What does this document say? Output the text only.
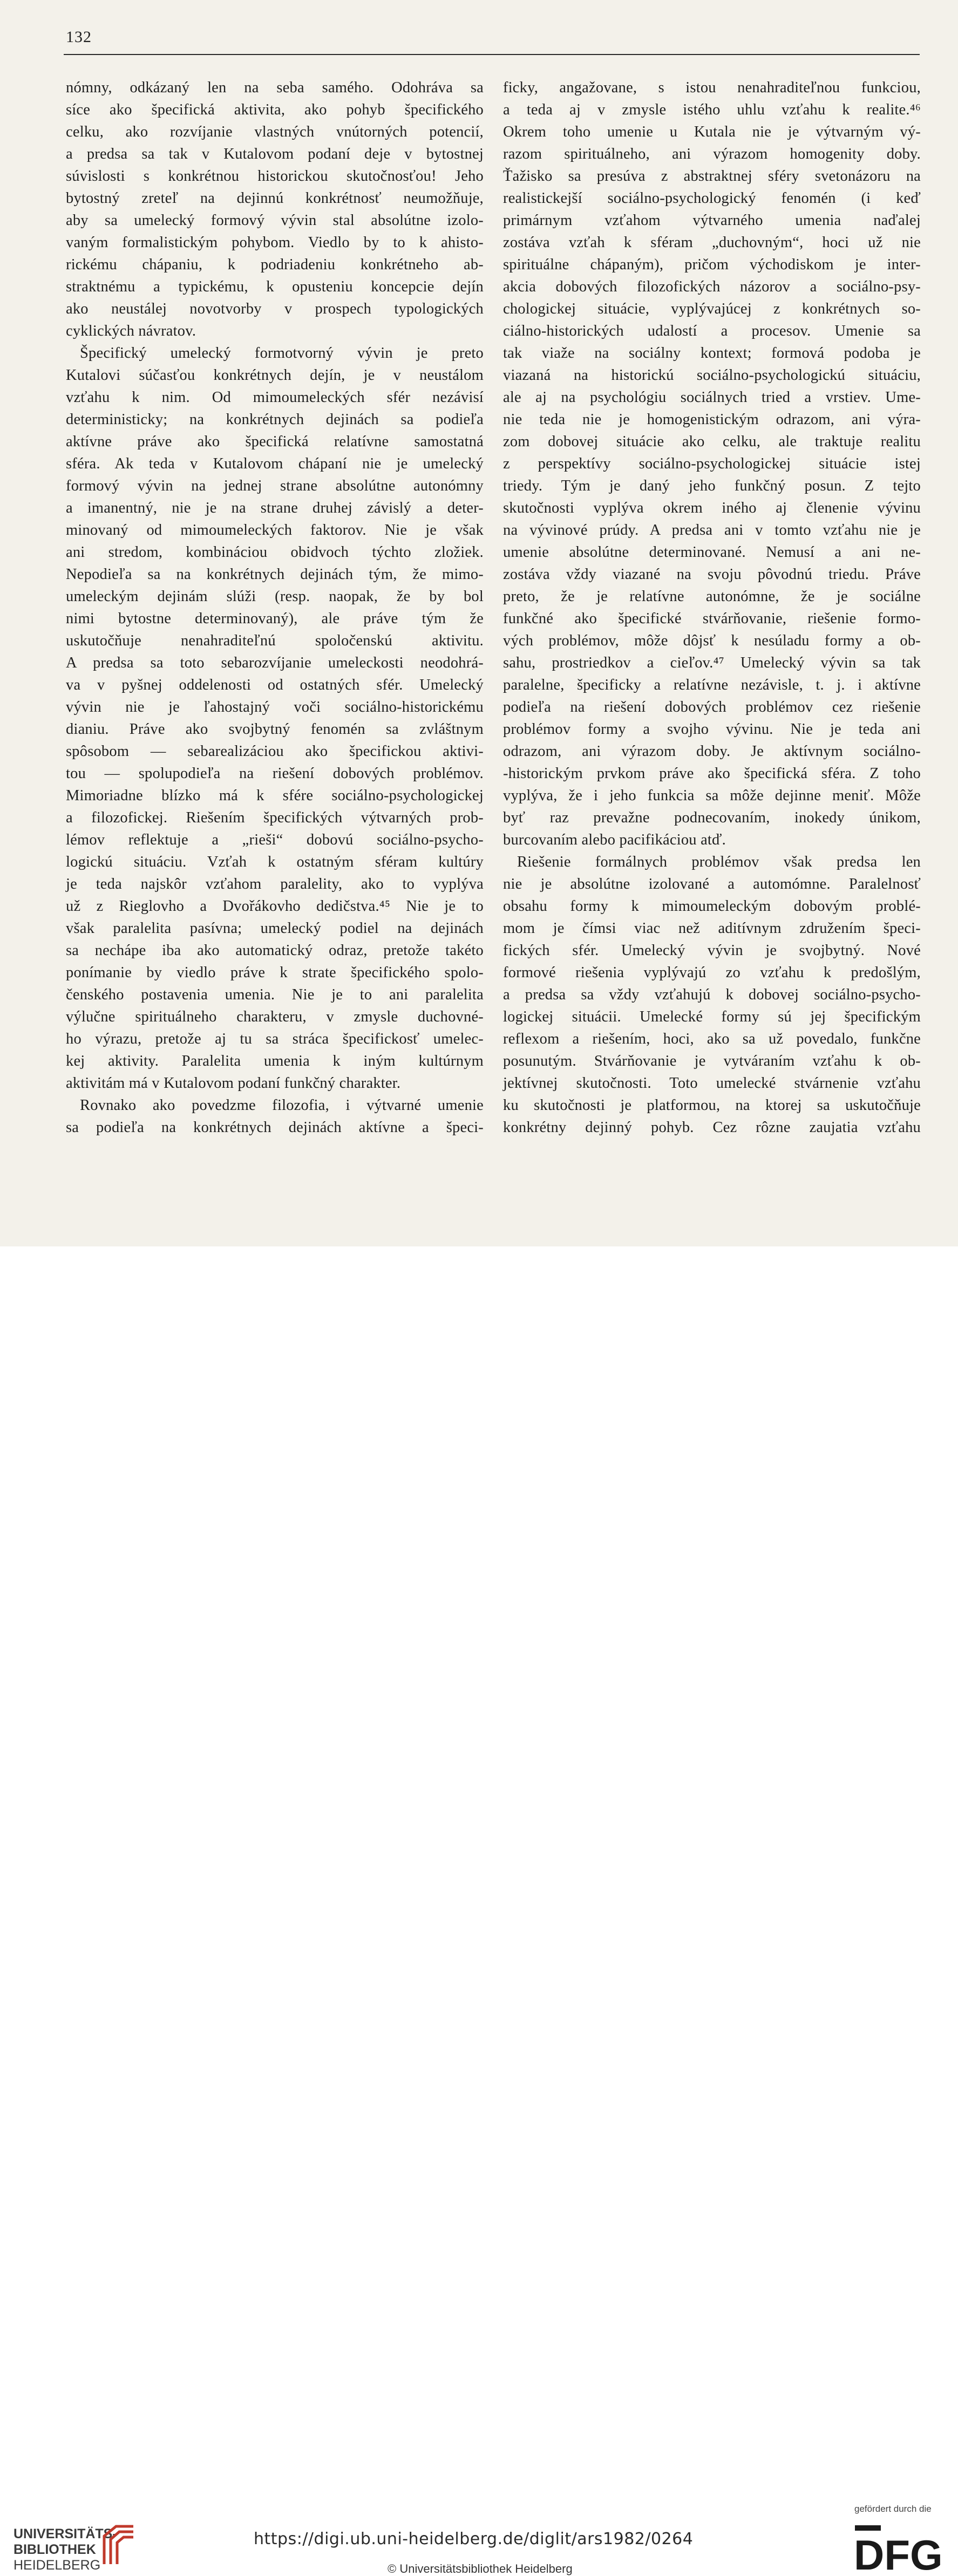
132
nómny, odkázaný len na seba samého. Odohráva sa
síce ako špecifická aktivita, ako pohyb špecifického
celku, ako rozvíjanie vlastných vnútorných potencií,
a predsa sa tak v Kutalovom podaní deje v bytostnej
súvislosti s konkrétnou historickou skutočnosťou! Jeho
bytostný zreteľ na dejinnú konkrétnosť neumožňuje,
aby sa umelecký formový vývin stal absolútne izolo-
vaným formalistickým pohybom. Viedlo by to k ahisto-
rickému chápaniu, k podriadeniu konkrétneho ab-
straktnému a typickému, k opusteniu koncepcie dejín
ako neustálej novotvorby v prospech typologických
cyklických návratov.
Špecifický umelecký formotvorný vývin je preto
Kutalovi súčasťou konkrétnych dejín, je v neustálom
vzťahu k nim. Od mimoumeleckých sfér nezávisí
deterministicky; na konkrétnych dejinách sa podieľa
aktívne práve ako špecifická relatívne samostatná
sféra. Ak teda v Kutalovom chápaní nie je umelecký
formový vývin na jednej strane absolútne autonómny
a imanentný, nie je na strane druhej závislý a deter-
minovaný od mimoumeleckých faktorov. Nie je však
ani stredom, kombináciou obidvoch týchto zložiek.
Nepodieľa sa na konkrétnych dejinách tým, že mimo-
umeleckým dejinám slúži (resp. naopak, že by bol
nimi bytostne determinovaný), ale práve tým že
uskutočňuje nenahraditeľnú spoločenskú aktivitu.
A predsa sa toto sebarozvíjanie umeleckosti neodohrá-
va v pyšnej oddelenosti od ostatných sfér. Umelecký
vývin nie je ľahostajný voči sociálno-historickému
dianiu. Práve ako svojbytný fenomén sa zvláštnym
spôsobom — sebarealizáciou ako špecifickou aktivi-
tou — spolupodieľa na riešení dobových problémov.
Mimoriadne blízko má k sfére sociálno-psychologickej
a filozofickej. Riešením špecifických výtvarných prob-
lémov reflektuje a „rieši“ dobovú sociálno-psycho-
logickú situáciu. Vzťah k ostatným sféram kultúry
je teda najskôr vzťahom paralelity, ako to vyplýva
už z Rieglovho a Dvořákovho dedičstva.⁴⁵ Nie je to
však paralelita pasívna; umelecký podiel na dejinách
sa nechápe iba ako automatický odraz, pretože takéto
ponímanie by viedlo práve k strate špecifického spolo-
čenského postavenia umenia. Nie je to ani paralelita
výlučne spirituálneho charakteru, v zmysle duchovné-
ho výrazu, pretože aj tu sa stráca špecifickosť umelec-
kej aktivity. Paralelita umenia k iným kultúrnym
aktivitám má v Kutalovom podaní funkčný charakter.
Rovnako ako povedzme filozofia, i výtvarné umenie
sa podieľa na konkrétnych dejinách aktívne a špeci-
ficky, angažovane, s istou nenahraditeľnou funkciou,
a teda aj v zmysle istého uhlu vzťahu k realite.⁴⁶
Okrem toho umenie u Kutala nie je výtvarným vý-
razom spirituálneho, ani výrazom homogenity doby.
Ťažisko sa presúva z abstraktnej sféry svetonázoru na
realistickejší sociálno-psychologický fenomén (i keď
primárnym vzťahom výtvarného umenia naďalej
zostáva vzťah k sféram „duchovným“, hoci už nie
spirituálne chápaným), pričom východiskom je inter-
akcia dobových filozofických názorov a sociálno-psy-
chologickej situácie, vyplývajúcej z konkrétnych so-
ciálno-historických udalostí a procesov. Umenie sa
tak viaže na sociálny kontext; formová podoba je
viazaná na historickú sociálno-psychologickú situáciu,
ale aj na psychológiu sociálnych tried a vrstiev. Ume-
nie teda nie je homogenistickým odrazom, ani výra-
zom dobovej situácie ako celku, ale traktuje realitu
z perspektívy sociálno-psychologickej situácie istej
triedy. Tým je daný jeho funkčný posun. Z tejto
skutočnosti vyplýva okrem iného aj členenie vývinu
na vývinové prúdy. A predsa ani v tomto vzťahu nie je
umenie absolútne determinované. Nemusí a ani ne-
zostáva vždy viazané na svoju pôvodnú triedu. Práve
preto, že je relatívne autonómne, že je sociálne
funkčné ako špecifické stvárňovanie, riešenie formo-
vých problémov, môže dôjsť k nesúladu formy a ob-
sahu, prostriedkov a cieľov.⁴⁷ Umelecký vývin sa tak
paralelne, špecificky a relatívne nezávisle, t. j. i aktívne
podieľa na riešení dobových problémov cez riešenie
problémov formy a svojho vývinu. Nie je teda ani
odrazom, ani výrazom doby. Je aktívnym sociálno-
-historickým prvkom práve ako špecifická sféra. Z toho
vyplýva, že i jeho funkcia sa môže dejinne meniť. Môže
byť raz prevažne podnecovaním, inokedy únikom,
burcovaním alebo pacifikáciou atď.
Riešenie formálnych problémov však predsa len
nie je absolútne izolované a automómne. Paralelnosť
obsahu formy k mimoumeleckým dobovým problé-
mom je čímsi viac než aditívnym združením špeci-
fických sfér. Umelecký vývin je svojbytný. Nové
formové riešenia vyplývajú zo vzťahu k predošlým,
a predsa sa vždy vzťahujú k dobovej sociálno-psycho-
logickej situácii. Umelecké formy sú jej špecifickým
reflexom a riešením, hoci, ako sa už povedalo, funkčne
posunutým. Stvárňovanie je vytváraním vzťahu k ob-
jektívnej skutočnosti. Toto umelecké stvárnenie vzťahu
ku skutočnosti je platformou, na ktorej sa uskutočňuje
konkrétny dejinný pohyb. Cez rôzne zaujatia vzťahu
UNIVERSITÄTS-
BIBLIOTHEK
HEIDELBERG
https://digi.ub.uni-heidelberg.de/diglit/ars1982/0264
© Universitätsbibliothek Heidelberg
gefördert durch die
DFG
